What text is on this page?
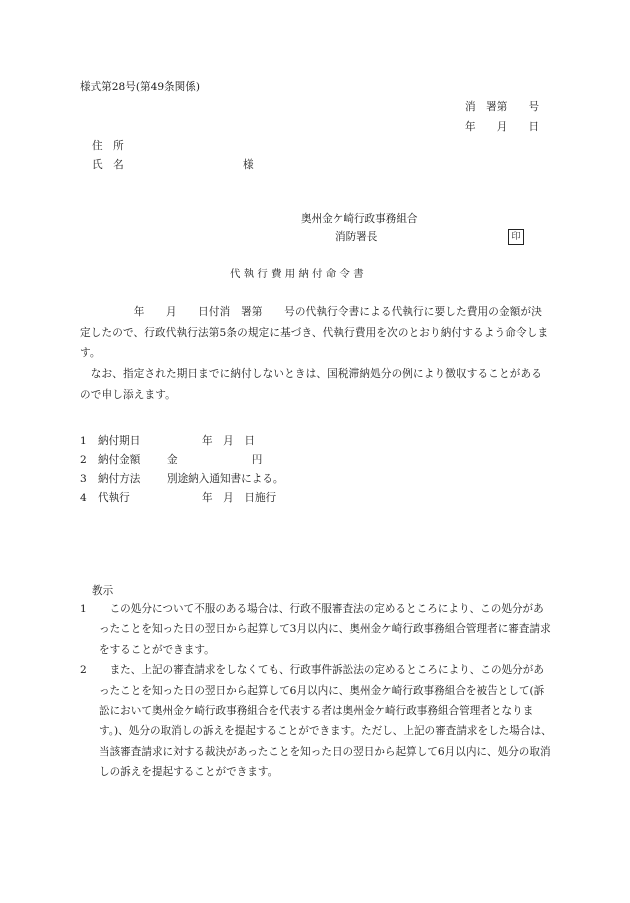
様式第28号(第49条関係)
消　署第　　号
年　　月　　日
住　所
氏　名	様
奥州金ケ崎行政事務組合
消防署長	印
代 執 行 費 用 納 付 命 令 書
　　　　　年　　月　　日付消　署第　　号の代執行令書による代執行に要した費用の金額が決定したので、行政代執行法第5条の規定に基づき、代執行費用を次のとおり納付するよう命令します。
　なお、指定された期日までに納付しないときは、国税滞納処分の例により徴収することがあるので申し添えます。
1 納付期日	年　月　日
2 納付金額	金　　　　　　　円
3 納付方法	別途納入通知書による。
4 代執行	年　月　日施行
教示
1 　この処分について不服のある場合は、行政不服審査法の定めるところにより、この処分があったことを知った日の翌日から起算して3月以内に、奥州金ケ崎行政事務組合管理者に審査請求をすることができます。
2 　また、上記の審査請求をしなくても、行政事件訴訟法の定めるところにより、この処分があったことを知った日の翌日から起算して6月以内に、奥州金ケ崎行政事務組合を被告として(訴訟において奥州金ケ崎行政事務組合を代表する者は奥州金ケ崎行政事務組合管理者となります。)、処分の取消しの訴えを提起することができます。ただし、上記の審査請求をした場合は、当該審査請求に対する裁決があったことを知った日の翌日から起算して6月以内に、処分の取消しの訴えを提起することができます。
